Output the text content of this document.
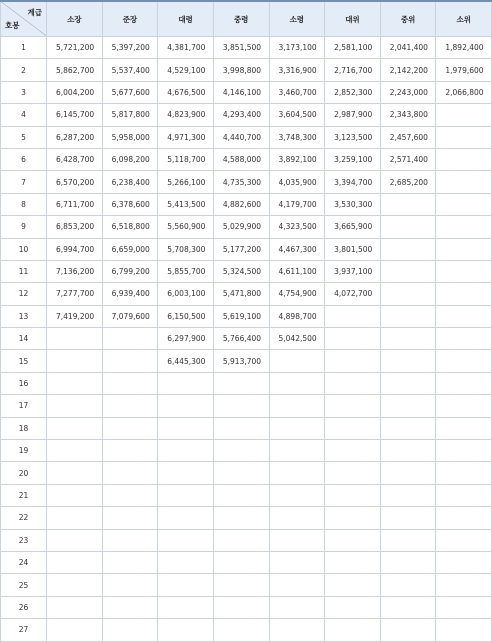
계급
호봉	소장	준장	대령	중령	소령	대위	중위	소위
1	5,721,200	5,397,200	4,381,700	3,851,500	3,173,100	2,581,100	2,041,400	1,892,400
2	5,862,700	5,537,400	4,529,100	3,998,800	3,316,900	2,716,700	2,142,200	1,979,600
3	6,004,200	5,677,600	4,676,500	4,146,100	3,460,700	2,852,300	2,243,000	2,066,800
4	6,145,700	5,817,800	4,823,900	4,293,400	3,604,500	2,987,900	2,343,800	
5	6,287,200	5,958,000	4,971,300	4,440,700	3,748,300	3,123,500	2,457,600	
6	6,428,700	6,098,200	5,118,700	4,588,000	3,892,100	3,259,100	2,571,400	
7	6,570,200	6,238,400	5,266,100	4,735,300	4,035,900	3,394,700	2,685,200	
8	6,711,700	6,378,600	5,413,500	4,882,600	4,179,700	3,530,300		
9	6,853,200	6,518,800	5,560,900	5,029,900	4,323,500	3,665,900		
10	6,994,700	6,659,000	5,708,300	5,177,200	4,467,300	3,801,500		
11	7,136,200	6,799,200	5,855,700	5,324,500	4,611,100	3,937,100		
12	7,277,700	6,939,400	6,003,100	5,471,800	4,754,900	4,072,700		
13	7,419,200	7,079,600	6,150,500	5,619,100	4,898,700			
14			6,297,900	5,766,400	5,042,500			
15			6,445,300	5,913,700				
16								
17								
18								
19								
20								
21								
22								
23								
24								
25								
26								
27								
